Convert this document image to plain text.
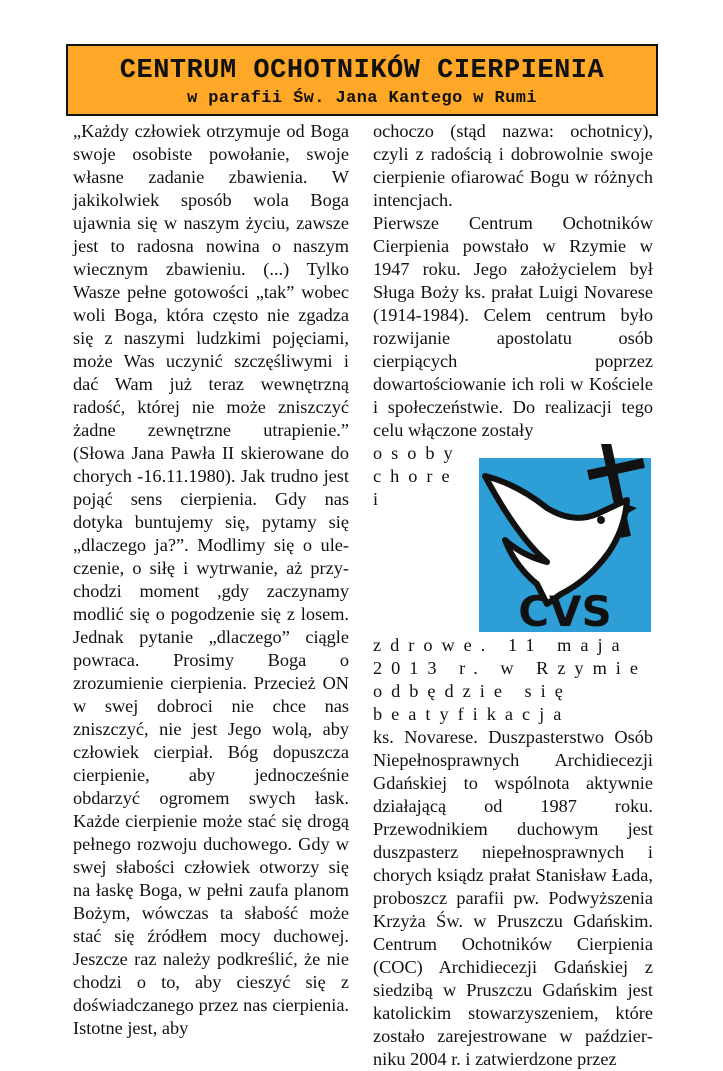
CENTRUM OCHOTNIKÓW CIERPIENIA
w parafii Św. Jana Kantego w Rumi

„Każdy człowiek otrzymuje od Boga swoje osobiste powołanie, swoje własne zadanie zbawienia. W jakikolwiek sposób wola Boga ujawnia się w naszym życiu, zawsze jest to radosna nowina o naszym wiecznym zbawieniu. (...) Tylko Wasze pełne gotowości „tak” wobec woli Boga, która często nie zgadza się z naszymi ludzkimi pojęciami, może Was uczynić szczęśliwymi i dać Wam już teraz wewnętrzną radość, której nie może zniszczyć żadne zewnętrzne utrapienie.” (Słowa Jana Pawła II skierowane do chorych -16.11.1980). Jak trudno jest pojąć sens cierpienia. Gdy nas dotyka buntujemy się, pytamy się „dlaczego ja?”. Modlimy się o uleczenie, o siłę i wytrwanie, aż przychodzi moment ,gdy zaczynamy modlić się o pogodzenie się z losem. Jednak pytanie „dlaczego” ciągle powraca. Prosimy Boga o zrozumienie cierpienia. Przecież ON w swej dobroci nie chce nas zniszczyć, nie jest Jego wolą, aby człowiek cierpiał. Bóg dopuszcza cierpienie, aby jednocześnie obdarzyć ogromem swych łask. Każde cierpienie może stać się drogą pełnego rozwoju duchowego. Gdy w swej słabości człowiek otworzy się na łaskę Boga, w pełni zaufa planom Bożym, wówczas ta słabość może stać się źródłem mocy duchowej. Jeszcze raz należy podkreślić, że nie chodzi o to, aby cieszyć się z doświadczanego przez nas cierpienia. Istotne jest, aby

ochoczo (stąd nazwa: ochotnicy), czyli z radością i dobrowolnie swoje cierpienie ofiarować Bogu w różnych intencjach.

Pierwsze Centrum Ochotników Cierpienia powstało w Rzymie w 1947 roku. Jego założycielem był Sługa Boży ks. prałat Luigi Novarese (1914-1984). Celem centrum było rozwijanie apostolatu osób cierpiących poprzez dowartościowanie ich roli w Kościele i społeczeństwie. Do realizacji tego celu włączone zostały

CVS

osoby chore i zdrowe. 11 maja 2013 r. w Rzymie odbędzie się beatyfikacja

ks. Novarese. Duszpasterstwo Osób Niepełnosprawnych Archidiecezji Gdańskiej to wspólnota aktywnie działającą od 1987 roku. Przewodnikiem duchowym jest duszpasterz niepełnosprawnych i chorych ksiądz prałat Stanisław Łada, proboszcz parafii pw. Podwyższenia Krzyża Św. w Pruszczu Gdańskim. Centrum Ochotników Cierpienia (COC) Archidiecezji Gdańskiej z siedzibą w Pruszczu Gdańskim jest katolickim stowarzyszeniem, które zostało zarejestrowane w październiku 2004 r. i zatwierdzone przez
